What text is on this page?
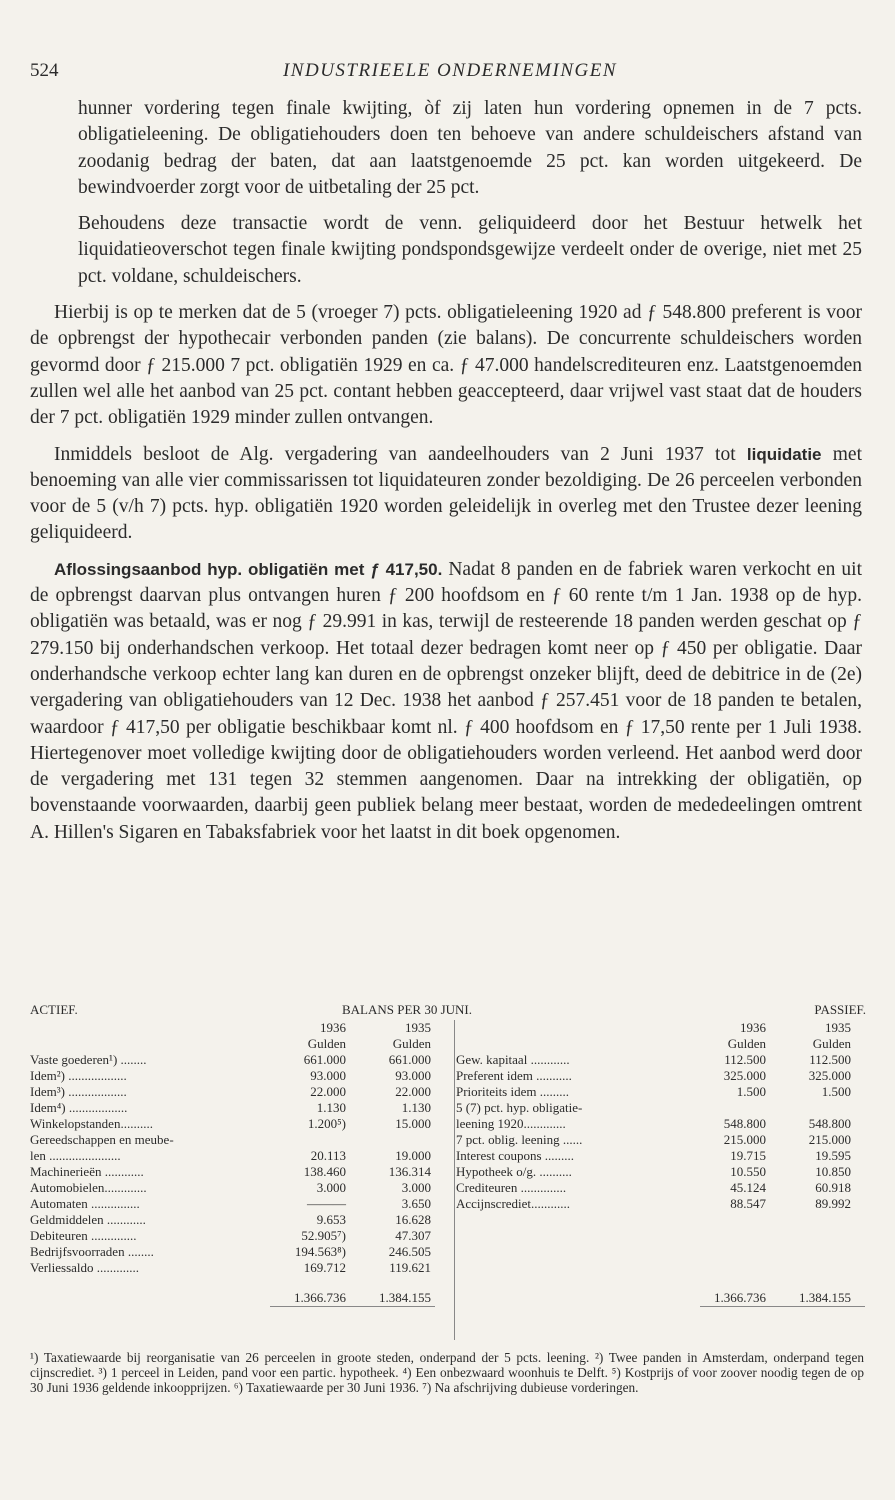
524	INDUSTRIEELE ONDERNEMINGEN

hunner vordering tegen finale kwijting, òf zij laten hun vordering opnemen in de 7 pcts. obligatieleening. De obligatiehouders doen ten behoeve van andere schuldeischers afstand van zoodanig bedrag der baten, dat aan laatstgenoemde 25 pct. kan worden uitgekeerd. De bewindvoerder zorgt voor de uitbetaling der 25 pct.

Behoudens deze transactie wordt de venn. geliquideerd door het Bestuur hetwelk het liquidatieoverschot tegen finale kwijting pondspondsgewijze verdeelt onder de overige, niet met 25 pct. voldane, schuldeischers.

Hierbij is op te merken dat de 5 (vroeger 7) pcts. obligatieleening 1920 ad ƒ 548.800 preferent is voor de opbrengst der hypothecair verbonden panden (zie balans). De concurrente schuldeischers worden gevormd door ƒ 215.000 7 pct. obligatiën 1929 en ca. ƒ 47.000 handelscrediteuren enz. Laatstgenoemden zullen wel alle het aanbod van 25 pct. contant hebben geaccepteerd, daar vrijwel vast staat dat de houders der 7 pct. obligatiën 1929 minder zullen ontvangen.

Inmiddels besloot de Alg. vergadering van aandeelhouders van 2 Juni 1937 tot liquidatie met benoeming van alle vier commissarissen tot liquidateuren zonder bezoldiging. De 26 perceelen verbonden voor de 5 (v/h 7) pcts. hyp. obligatiën 1920 worden geleidelijk in overleg met den Trustee dezer leening geliquideerd.

Aflossingsaanbod hyp. obligatiën met ƒ 417,50. Nadat 8 panden en de fabriek waren verkocht en uit de opbrengst daarvan plus ontvangen huren ƒ 200 hoofdsom en ƒ 60 rente t/m 1 Jan. 1938 op de hyp. obligatiën was betaald, was er nog ƒ 29.991 in kas, terwijl de resteerende 18 panden werden geschat op ƒ 279.150 bij onderhandschen verkoop. Het totaal dezer bedragen komt neer op ƒ 450 per obligatie. Daar onderhandsche verkoop echter lang kan duren en de opbrengst onzeker blijft, deed de debitrice in de (2e) vergadering van obligatiehouders van 12 Dec. 1938 het aanbod ƒ 257.451 voor de 18 panden te betalen, waardoor ƒ 417,50 per obligatie beschikbaar komt nl. ƒ 400 hoofdsom en ƒ 17,50 rente per 1 Juli 1938. Hiertegenover moet volledige kwijting door de obligatiehouders worden verleend. Het aanbod werd door de vergadering met 131 tegen 32 stemmen aangenomen. Daar na intrekking der obligatiën, op bovenstaande voorwaarden, daarbij geen publiek belang meer bestaat, worden de mededeelingen omtrent A. Hillen's Sigaren en Tabaksfabriek voor het laatst in dit boek opgenomen.

ACTIEF.	BALANS PER 30 JUNI.	PASSIEF.
1936	1935
Gulden	Gulden
Vaste goederen¹) ........	661.000	661.000
Idem²) ..................	93.000	93.000
Idem³) ..................	22.000	22.000
Idem⁴) ..................	1.130	1.130
Winkelopstanden..........	1.200⁵)	15.000
Gereedschappen en meube-
len ......................	20.113	19.000
Machinerieën ............	138.460	136.314
Automobielen.............	3.000	3.000
Automaten ...............	———	3.650
Geldmiddelen ............	9.653	16.628
Debiteuren ..............	52.905⁷)	47.307
Bedrijfsvoorraden ........	194.563⁸)	246.505
Verliessaldo .............	169.712	119.621
1.366.736	1.384.155
1936	1935
Gulden	Gulden
Gew. kapitaal ............	112.500	112.500
Preferent idem ...........	325.000	325.000
Prioriteits idem .........	1.500	1.500
5 (7) pct. hyp. obligatie-
leening 1920.............	548.800	548.800
7 pct. oblig. leening ......	215.000	215.000
Interest coupons .........	19.715	19.595
Hypotheek o/g. ..........	10.550	10.850
Crediteuren ..............	45.124	60.918
Accijnscrediet............	88.547	89.992
1.366.736	1.384.155
¹) Taxatiewaarde bij reorganisatie van 26 perceelen in groote steden, onderpand der 5 pcts. leening. ²) Twee panden in Amsterdam, onderpand tegen cijnscrediet. ³) 1 perceel in Leiden, pand voor een partic. hypotheek. ⁴) Een onbezwaard woonhuis te Delft. ⁵) Kostprijs of voor zoover noodig tegen de op 30 Juni 1936 geldende inkoopprijzen. ⁶) Taxatiewaarde per 30 Juni 1936. ⁷) Na afschrijving dubieuse vorderingen.
